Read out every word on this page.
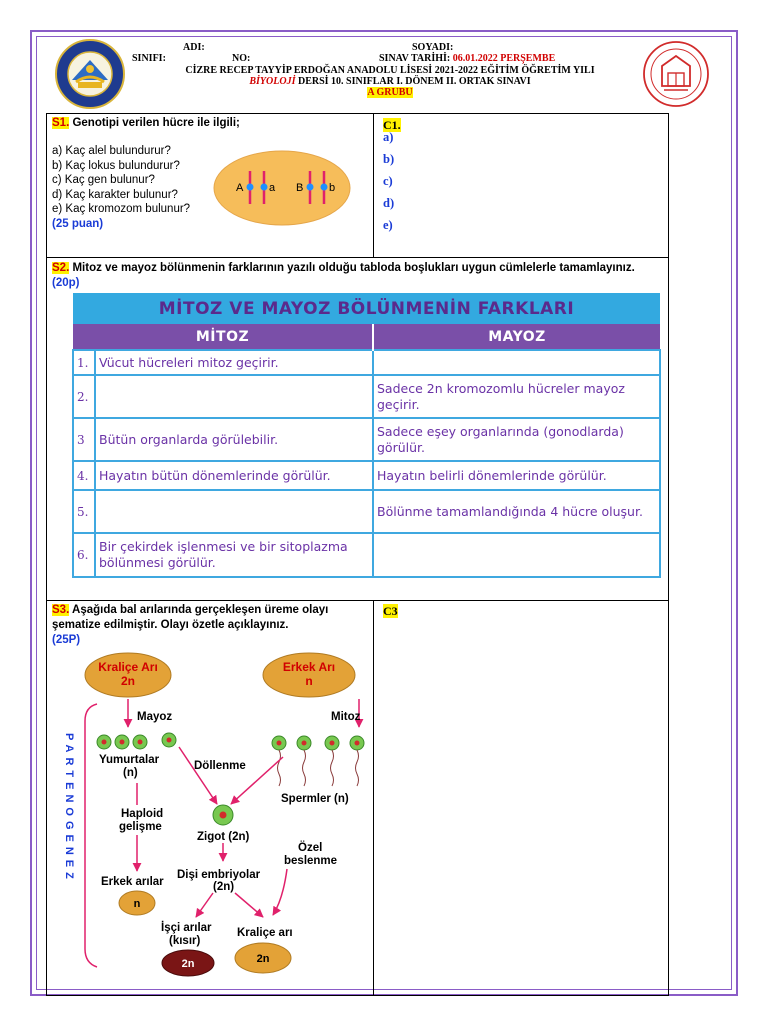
ADI:	SOYADI:
SINIFI:	NO:	SINAV TARİHİ: 06.01.2022 PERŞEMBE
CİZRE RECEP TAYYİP ERDOĞAN ANADOLU LİSESİ 2021-2022 EĞİTİM ÖĞRETİM YILI
BİYOLOJİ DERSİ 10. SINIFLAR I. DÖNEM II. ORTAK SINAVI
A GRUBU
S1. Genotipi verilen hücre ile ilgili;
a) Kaç alel bulundurur?
b) Kaç lokus bulundurur?
c) Kaç gen bulunur?
d) Kaç karakter bulunur?
e) Kaç kromozom bulunur?
(25 puan)
A a B b
C1.
a)
b)
c)
d)
e)
S2. Mitoz ve mayoz bölünmenin farklarının yazılı olduğu tabloda boşlukları uygun cümlelerle tamamlayınız. (20p)
MİTOZ VE MAYOZ BÖLÜNMENİN FARKLARI		
MİTOZ		MAYOZ
1.	Vücut hücreleri mitoz geçirir.	
2.		Sadece 2n kromozomlu hücreler mayoz geçirir.
3	Bütün organlarda görülebilir.	Sadece eşey organlarında (gonodlarda) görülür.
4.	Hayatın bütün dönemlerinde görülür.	Hayatın belirli dönemlerinde görülür.
5.		Bölünme tamamlandığında 4 hücre oluşur.
6.	Bir çekirdek işlenmesi ve bir sitoplazma bölünmesi görülür.	
S3. Aşağıda bal arılarında gerçekleşen üreme olayı şematize edilmiştir. Olayı özetle açıklayınız.
(25P)
Kraliçe Arı
2n
Erkek Arı
n
Mayoz	Mitoz
Yumurtalar
(n)
Spermler (n)
Döllenme
Zigot (2n)
Haploid
gelişme
Özel
beslenme
Dişi embriyolar
(2n)
Erkek arılar
n
İşçi arılar
(kısır)
Kraliçe arı
2n	2n
PARTENOGENEZ
C3
